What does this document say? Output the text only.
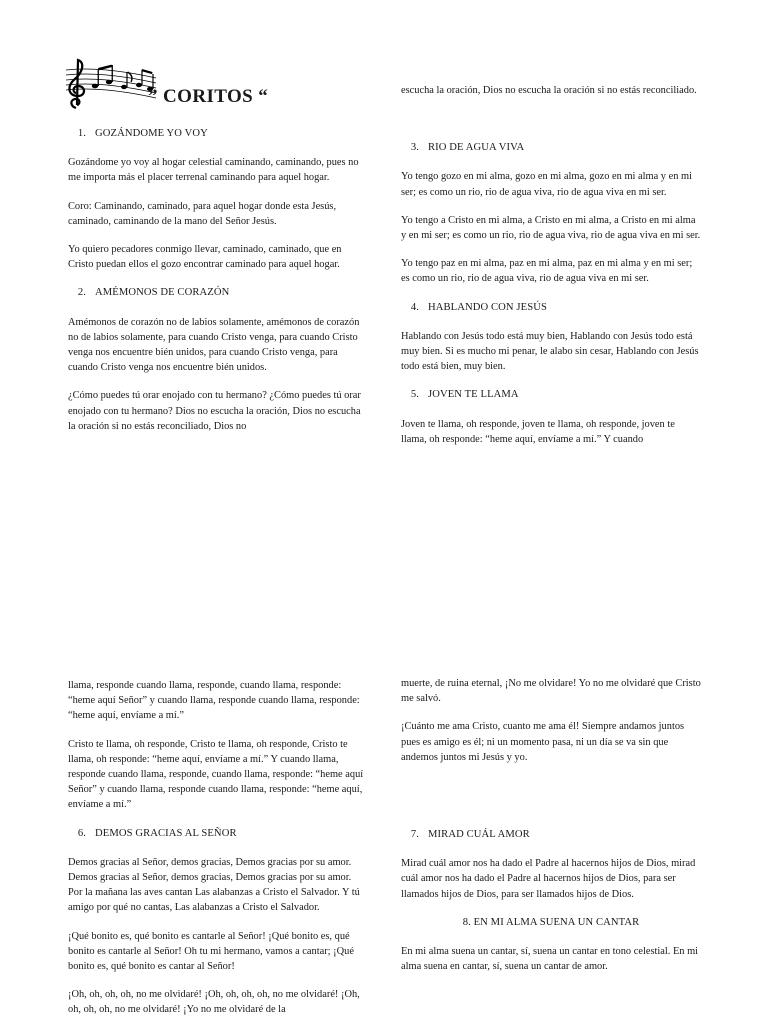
” CORITOS “
1. GOZÁNDOME YO VOY

Gozándome yo voy al hogar celestial caminando, caminando, pues no me importa más el placer terrenal caminando para aquel hogar.

Coro: Caminando, caminado, para aquel hogar donde esta Jesús, caminado, caminando de la mano del Señor Jesús.

Yo quiero pecadores conmigo llevar, caminado, caminado, que en Cristo puedan ellos el gozo encontrar caminado para aquel hogar.

2. AMÉMONOS DE CORAZÓN

Amémonos de corazón no de labios solamente, amémonos de corazón no de labios solamente, para cuando Cristo venga, para cuando Cristo venga nos encuentre bién unidos, para cuando Cristo venga, para cuando Cristo venga nos encuentre bién unidos.

¿Cómo puedes tú orar enojado con tu hermano? ¿Cómo puedes tú orar enojado con tu hermano? Dios no escucha la oración, Dios no escucha la oración si no estás reconciliado, Dios no

escucha la oración, Dios no escucha la oración si no estás reconciliado.

3. RIO DE AGUA VIVA

Yo tengo gozo en mi alma, gozo en mi alma, gozo en mi alma y en mi ser; es como un rio, rio de agua viva, rio de agua viva en mi ser.

Yo tengo a Cristo en mi alma, a Cristo en mi alma, a Cristo en mi alma y en mi ser; es como un rio, rio de agua viva, rio de agua viva en mi ser.

Yo tengo paz en mi alma, paz en mi alma, paz en mi alma y en mi ser; es como un rio, rio de agua viva, rio de agua viva en mi ser.

4. HABLANDO CON JESÚS

Hablando con Jesús todo está muy bien, Hablando con Jesús todo está muy bien. Si es mucho mi penar, le alabo sin cesar, Hablando con Jesús todo está bien, muy bien.

5. JOVEN TE LLAMA

Joven te llama, oh responde, joven te llama, oh responde, joven te llama, oh responde: “heme aquí, envíame a mí.” Y cuando

llama, responde cuando llama, responde, cuando llama, responde: “heme aquí Señor” y cuando llama, responde cuando llama, responde: “heme aquí, envíame a mí.”

Cristo te llama, oh responde, Cristo te llama, oh responde, Cristo te llama, oh responde: “heme aquí, envíame a mí.” Y cuando llama, responde cuando llama, responde, cuando llama, responde: “heme aquí Señor” y cuando llama, responde cuando llama, responde: “heme aquí, envíame a mí.”

6. DEMOS GRACIAS AL SEÑOR

Demos gracias al Señor, demos gracias, Demos gracias por su amor. Demos gracias al Señor, demos gracias, Demos gracias por su amor. Por la mañana las aves cantan Las alabanzas a Cristo el Salvador. Y tú amigo por qué no cantas, Las alabanzas a Cristo el Salvador.

¡Qué bonito es, qué bonito es cantarle al Señor! ¡Qué bonito es, qué bonito es cantarle al Señor! Oh tu mi hermano, vamos a cantar; ¡Qué bonito es, qué bonito es cantar al Señor!

¡Oh, oh, oh, oh, no me olvidaré! ¡Oh, oh, oh, oh, no me olvidaré! ¡Oh, oh, oh, oh, no me olvidaré! ¡Yo no me olvidaré de la

muerte, de ruina eternal, ¡No me olvidare! Yo no me olvidaré que Cristo me salvó.

¡Cuánto me ama Cristo, cuanto me ama él! Siempre andamos juntos pues es amigo es él; ni un momento pasa, ni un día se va sin que andemos juntos mi Jesús y yo.

7. MIRAD CUÁL AMOR

Mirad cuál amor nos ha dado el Padre al hacernos hijos de Dios, mirad cuál amor nos ha dado el Padre al hacernos hijos de Dios, para ser llamados hijos de Dios, para ser llamados hijos de Dios.

8. EN MI ALMA SUENA UN CANTAR

En mi alma suena un cantar, sí, suena un cantar en tono celestial. En mi alma suena en cantar, sí, suena un cantar de amor.
